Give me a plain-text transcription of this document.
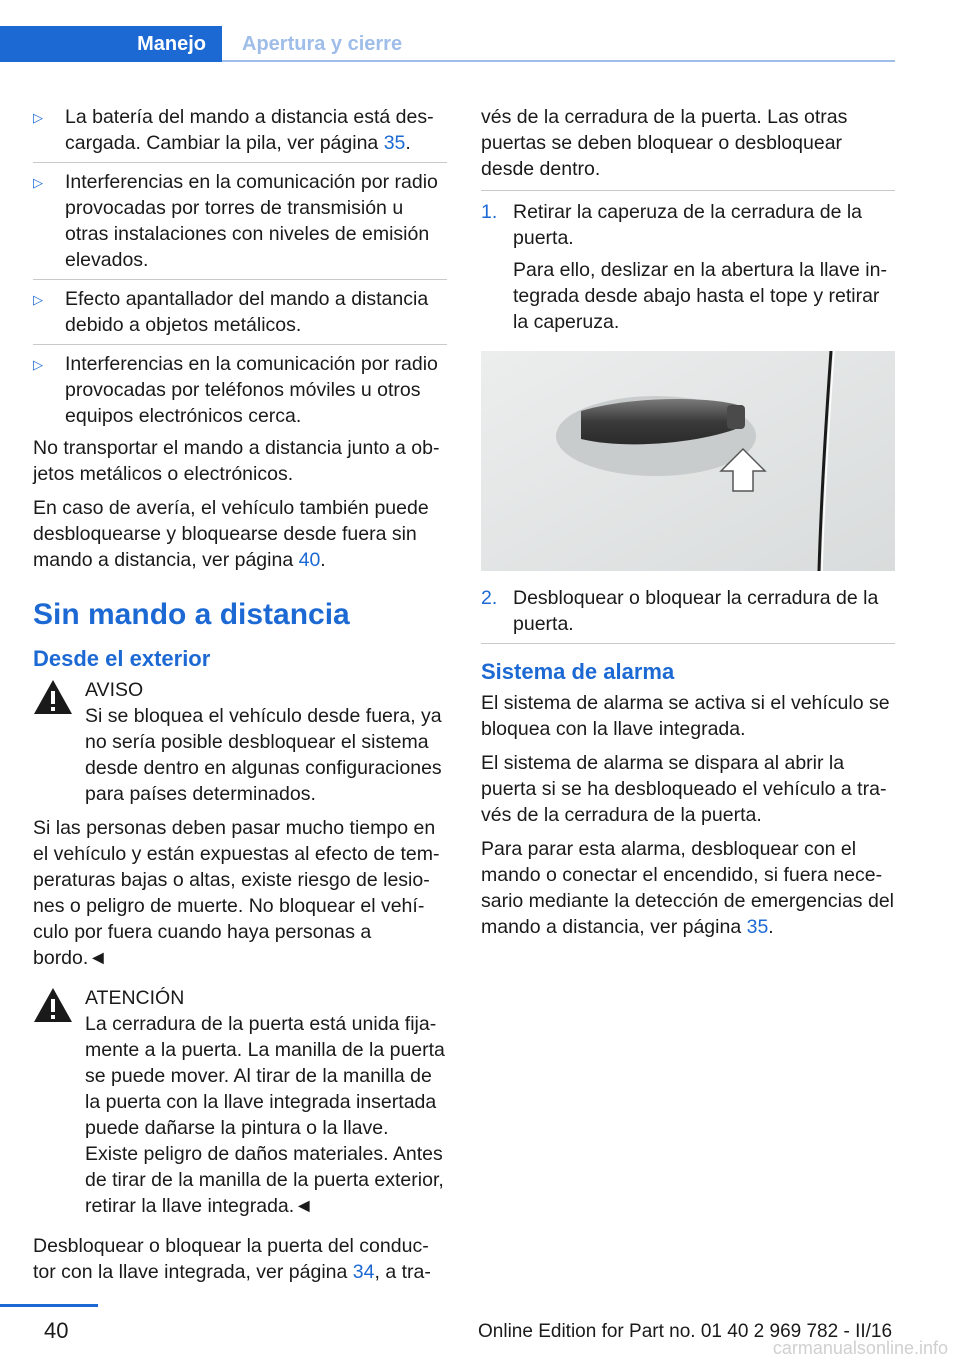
Manejo	Apertura y cierre
▷	La batería del mando a distancia está des‐cargada. Cambiar la pila, ver página 35.
▷	Interferencias en la comunicación por radio provocadas por torres de transmisión u otras instalaciones con niveles de emisión elevados.
▷	Efecto apantallador del mando a distancia debido a objetos metálicos.
▷	Interferencias en la comunicación por radio provocadas por teléfonos móviles u otros equipos electrónicos cerca.

No transportar el mando a distancia junto a ob‐jetos metálicos o electrónicos.

En caso de avería, el vehículo también puede desbloquearse y bloquearse desde fuera sin mando a distancia, ver página 40.

Sin mando a distancia
Desde el exterior
AVISO
Si se bloquea el vehículo desde fuera, ya no sería posible desbloquear el sistema desde dentro en algunas configuraciones para países determinados.
Si las personas deben pasar mucho tiempo en el vehículo y están expuestas al efecto de tem‐peraturas bajas o altas, existe riesgo de lesio‐nes o peligro de muerte. No bloquear el vehí‐culo por fuera cuando haya personas a bordo.◄
ATENCIÓN
La cerradura de la puerta está unida fija‐mente a la puerta. La manilla de la puerta se puede mover. Al tirar de la manilla de la puerta con la llave integrada insertada puede dañarse la pintura o la llave. Existe peligro de daños materiales. Antes de tirar de la manilla de la puerta exterior, retirar la llave integrada.◄

Desbloquear o bloquear la puerta del conduc‐tor con la llave integrada, ver página 34, a tra‐

vés de la cerradura de la puerta. Las otras puertas se deben bloquear o desbloquear desde dentro.

1. Retirar la caperuza de la cerradura de la puerta.
Para ello, deslizar en la abertura la llave in‐tegrada desde abajo hasta el tope y retirar la caperuza.
2. Desbloquear o bloquear la cerradura de la puerta.
Sistema de alarma

El sistema de alarma se activa si el vehículo se bloquea con la llave integrada.

El sistema de alarma se dispara al abrir la puerta si se ha desbloqueado el vehículo a tra‐vés de la cerradura de la puerta.

Para parar esta alarma, desbloquear con el mando o conectar el encendido, si fuera nece‐sario mediante la detección de emergencias del mando a distancia, ver página 35.

40	Online Edition for Part no. 01 40 2 969 782 - II/16
carmanualsonline.info
